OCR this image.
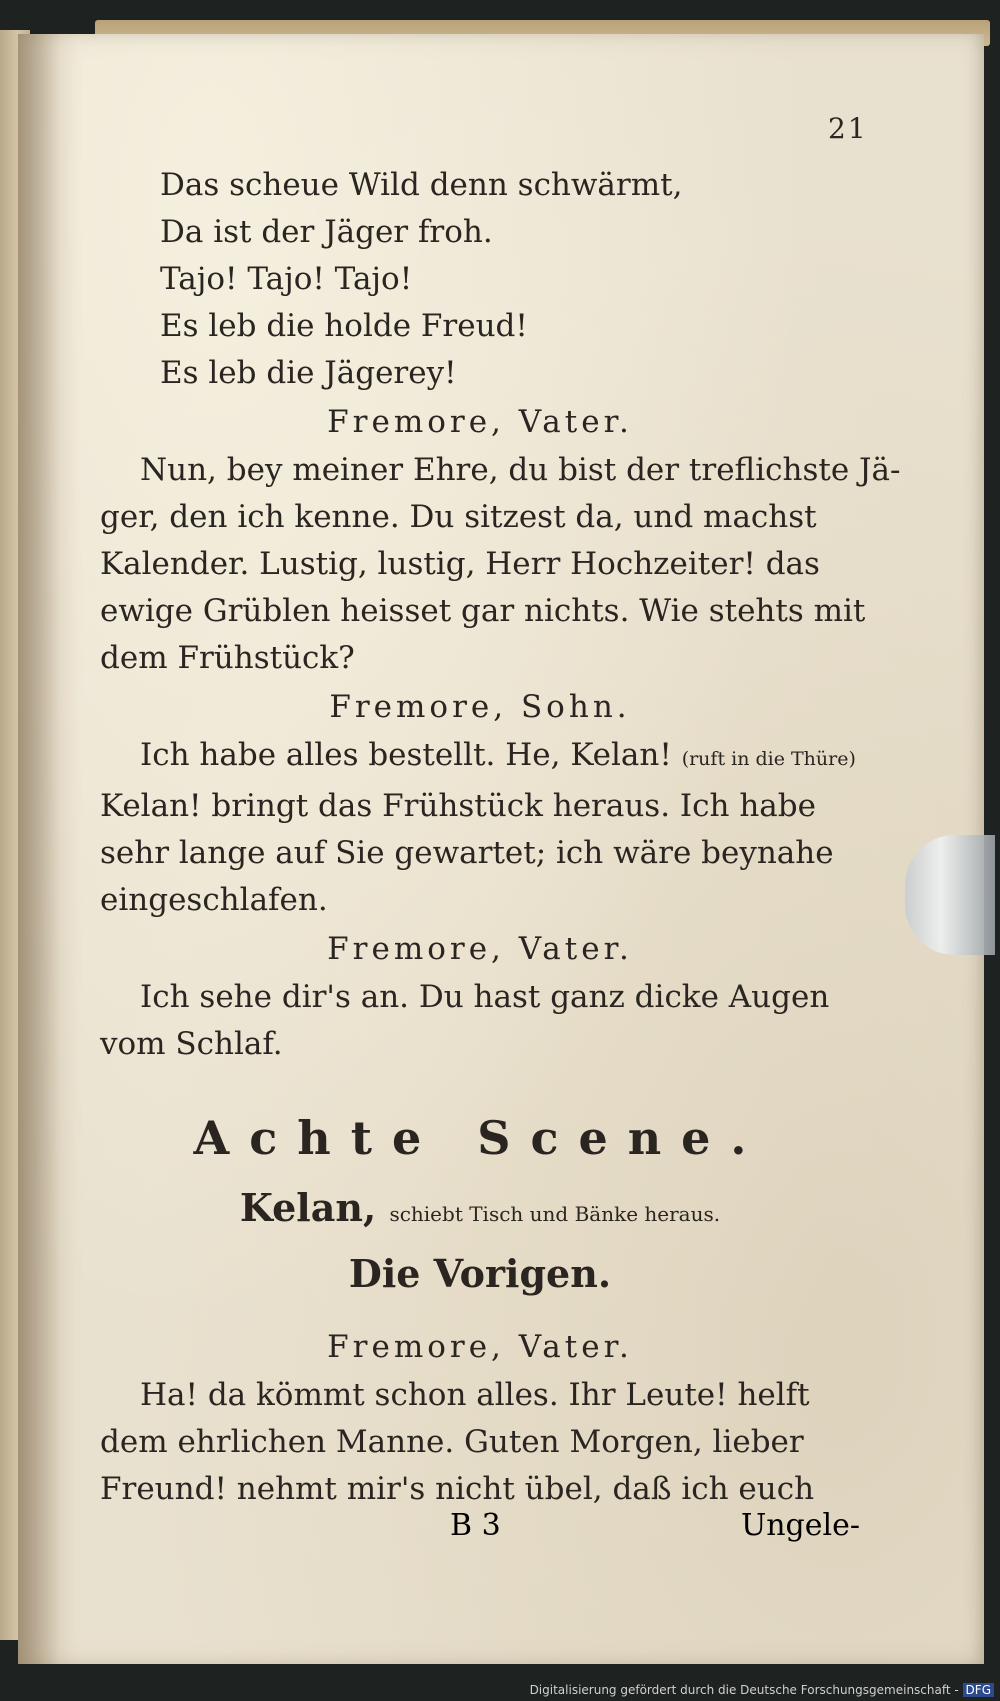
21
Das scheue Wild denn schwärmt,
Da ist der Jäger froh.
Tajo! Tajo! Tajo!
Es leb die holde Freud!
Es leb die Jägerey!
Fremore, Vater.
Nun, bey meiner Ehre, du bist der treflichste Jä-
ger, den ich kenne. Du sitzest da, und machst
Kalender. Lustig, lustig, Herr Hochzeiter! das
ewige Grüblen heisset gar nichts. Wie stehts mit
dem Frühstück?
Fremore, Sohn.
Ich habe alles bestellt. He, Kelan! (ruft in die Thüre)
Kelan! bringt das Frühstück heraus. Ich habe
sehr lange auf Sie gewartet; ich wäre beynahe
eingeschlafen.
Fremore, Vater.
Ich sehe dir's an. Du hast ganz dicke Augen
vom Schlaf.
Achte Scene.
Kelan, schiebt Tisch und Bänke heraus.
Die Vorigen.
Fremore, Vater.
Ha! da kömmt schon alles. Ihr Leute! helft
dem ehrlichen Manne. Guten Morgen, lieber
Freund! nehmt mir's nicht übel, daß ich euch
B 3	Ungele-
Digitalisierung gefördert durch die Deutsche Forschungsgemeinschaft - DFG
